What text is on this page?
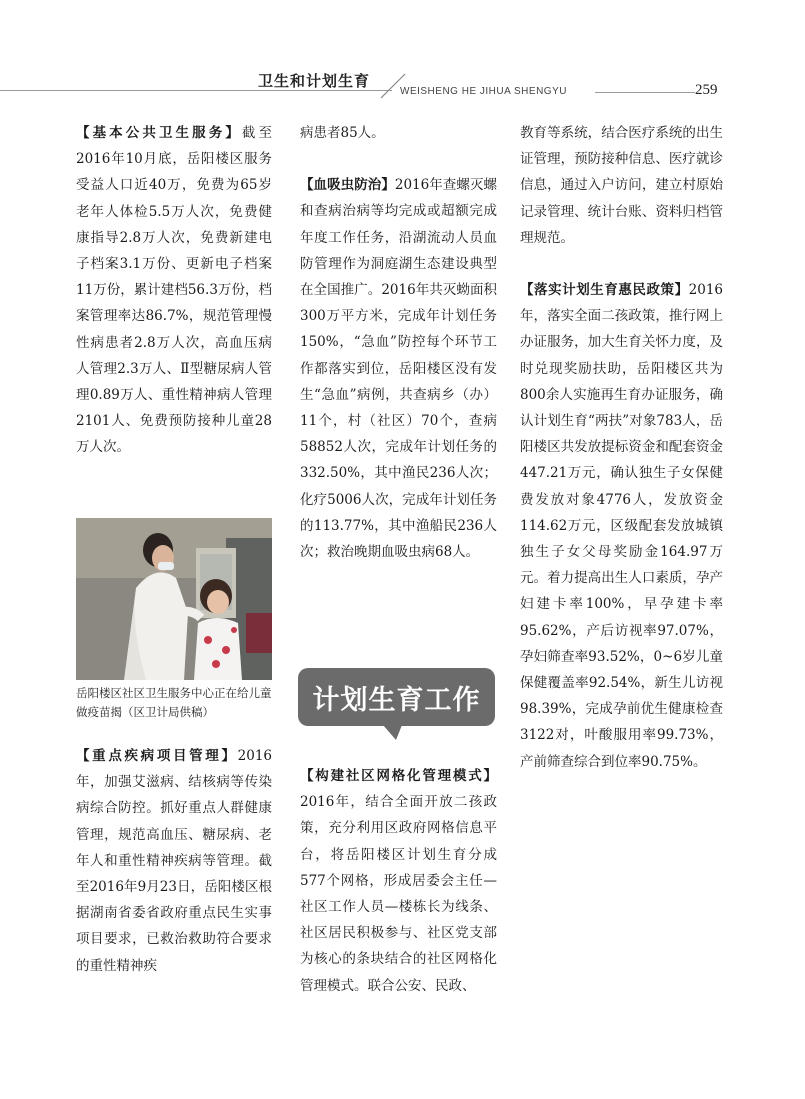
卫生和计划生育
WEISHENG HE JIHUA SHENGYU	259

【基本公共卫生服务】截至2016年10月底，岳阳楼区服务受益人口近40万，免费为65岁老年人体检5.5万人次，免费健康指导2.8万人次，免费新建电子档案3.1万份、更新电子档案11万份，累计建档56.3万份，档案管理率达86.7%，规范管理慢性病患者2.8万人次，高血压病人管理2.3万人、Ⅱ型糖尿病人管理0.89万人、重性精神病人管理2101人、免费预防接种儿童28万人次。

岳阳楼区社区卫生服务中心正在给儿童做疫苗揭（区卫计局供稿）

【重点疾病项目管理】2016年，加强艾滋病、结核病等传染病综合防控。抓好重点人群健康管理，规范高血压、糖尿病、老年人和重性精神疾病等管理。截至2016年9月23日，岳阳楼区根据湖南省委省政府重点民生实事项目要求，已救治救助符合要求的重性精神疾

病患者85人。

【血吸虫防治】2016年查螺灭螺和查病治病等均完成或超额完成年度工作任务，沿湖流动人员血防管理作为洞庭湖生态建设典型在全国推广。2016年共灭蚴面积300万平方米，完成年计划任务150%，“急血”防控每个环节工作都落实到位，岳阳楼区没有发生“急血”病例，共查病乡（办）11个，村（社区）70个，查病58852人次，完成年计划任务的332.50%，其中渔民236人次；化疗5006人次，完成年计划任务的113.77%，其中渔船民236人次；救治晚期血吸虫病68人。

计划生育工作

【构建社区网格化管理模式】2016年，结合全面开放二孩政策，充分利用区政府网格信息平台，将岳阳楼区计划生育分成577个网格，形成居委会主任—社区工作人员—楼栋长为线条、社区居民积极参与、社区党支部为核心的条块结合的社区网格化管理模式。联合公安、民政、

教育等系统，结合医疗系统的出生证管理，预防接种信息、医疗就诊信息，通过入户访问，建立村原始记录管理、统计台账、资料归档管理规范。

【落实计划生育惠民政策】2016年，落实全面二孩政策，推行网上办证服务，加大生育关怀力度，及时兑现奖励扶助，岳阳楼区共为800余人实施再生育办证服务，确认计划生育“两扶”对象783人，岳阳楼区共发放提标资金和配套资金447.21万元，确认独生子女保健费发放对象4776人，发放资金114.62万元，区级配套发放城镇独生子女父母奖励金164.97万元。着力提高出生人口素质，孕产妇建卡率100%，早孕建卡率95.62%，产后访视率97.07%，孕妇筛查率93.52%，0~6岁儿童保健覆盖率92.54%，新生儿访视98.39%，完成孕前优生健康检查3122对，叶酸服用率99.73%，产前筛查综合到位率90.75%。
